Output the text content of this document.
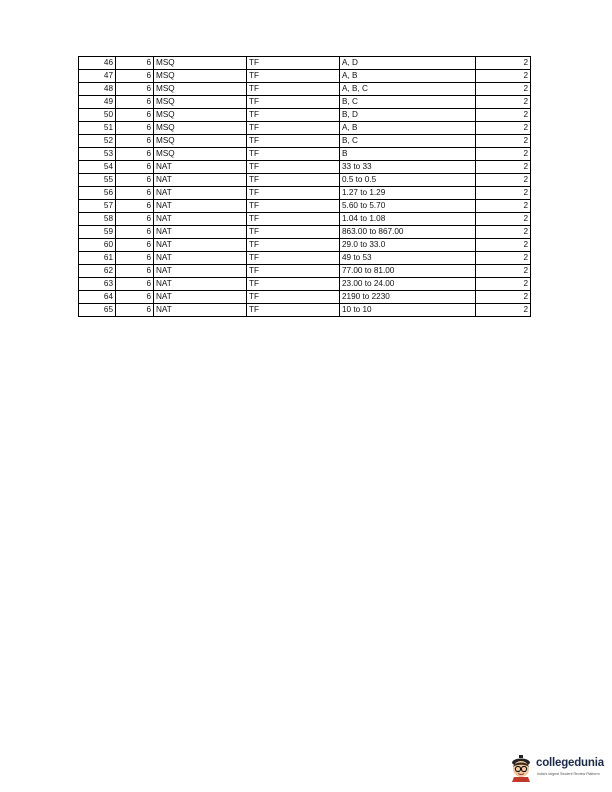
46	6	MSQ	TF	A, D	2
47	6	MSQ	TF	A, B	2
48	6	MSQ	TF	A, B, C	2
49	6	MSQ	TF	B, C	2
50	6	MSQ	TF	B, D	2
51	6	MSQ	TF	A, B	2
52	6	MSQ	TF	B, C	2
53	6	MSQ	TF	B	2
54	6	NAT	TF	33 to 33	2
55	6	NAT	TF	0.5 to 0.5	2
56	6	NAT	TF	1.27 to 1.29	2
57	6	NAT	TF	5.60 to 5.70	2
58	6	NAT	TF	1.04 to 1.08	2
59	6	NAT	TF	863.00 to 867.00	2
60	6	NAT	TF	29.0 to 33.0	2
61	6	NAT	TF	49 to 53	2
62	6	NAT	TF	77.00 to 81.00	2
63	6	NAT	TF	23.00 to 24.00	2
64	6	NAT	TF	2190 to 2230	2
65	6	NAT	TF	10 to 10	2
collegedunia
India's largest Student Review Platform
